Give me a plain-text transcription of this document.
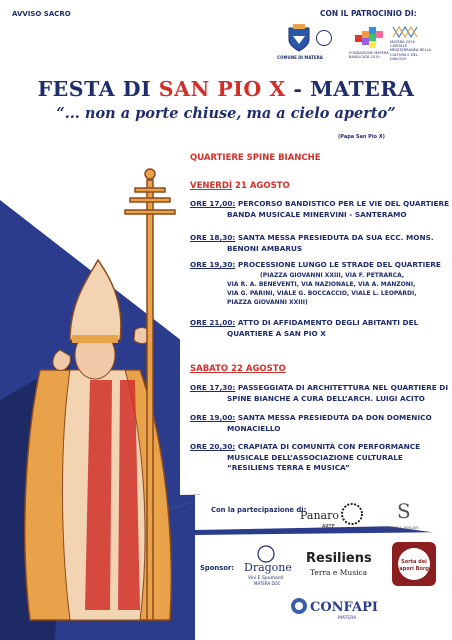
AVVISO SACRO	CON IL PATROCINIO DI:
COMUNE DI MATERA
FONDAZIONE MATERA BASILICATA 2019
MATERA 2024 CAPITALE MEDITERRANEA DELLA CULTURA E DEL DIALOGO
FESTA DI SAN PIO X - MATERA
“... non a porte chiuse, ma a cielo aperto”
(Papa San Pio X)
QUARTIERE SPINE BIANCHE
VENERDÌ 21 AGOSTO
ORE 17,00: PERCORSO BANDISTICO PER LE VIE DEL QUARTIERE
BANDA MUSICALE MINERVINI - SANTERAMO
ORE 18,30: SANTA MESSA PRESIEDUTA DA SUA ECC. MONS.
BENONI AMBARUS
ORE 19,30: PROCESSIONE LUNGO LE STRADE DEL QUARTIERE
(PIAZZA GIOVANNI XXIII, VIA F. PETRARCA,
VIA R. A. BENEVENTI, VIA NAZIONALE, VIA A. MANZONI,
VIA G. PARINI, VIALE G. BOCCACCIO, VIALE L. LEOPARDI,
PIAZZA GIOVANNI XXIII)
ORE 21,00: ATTO DI AFFIDAMENTO DEGLI ABITANTI DEL
QUARTIERE A SAN PIO X
SABATO 22 AGOSTO
ORE 17,30: PASSEGGIATA DI ARCHITETTURA NEL QUARTIERE DI
SPINE BIANCHE A CURA DELL’ARCH. LUIGI ACITO
ORE 19,00: SANTA MESSA PRESIEDUTA DA DON DOMENICO
MONACIELLO
ORE 20,30: CRAPIATA DI COMUNITÀ CON PERFORMANCE
MUSICALE DELL’ASSOCIAZIONE CULTURALE
“RESILIENS TERRA E MUSICA”
Con la partecipazione di:
Panaro
ARTE
S
SAVERIO & PORCARI
Sponsor: Dragone
Vini E Spumanti
MATERA DOC
Resiliens
Terra e Musica
Sorta dei
Sapori Borgo
CONFAPI
MATERA
